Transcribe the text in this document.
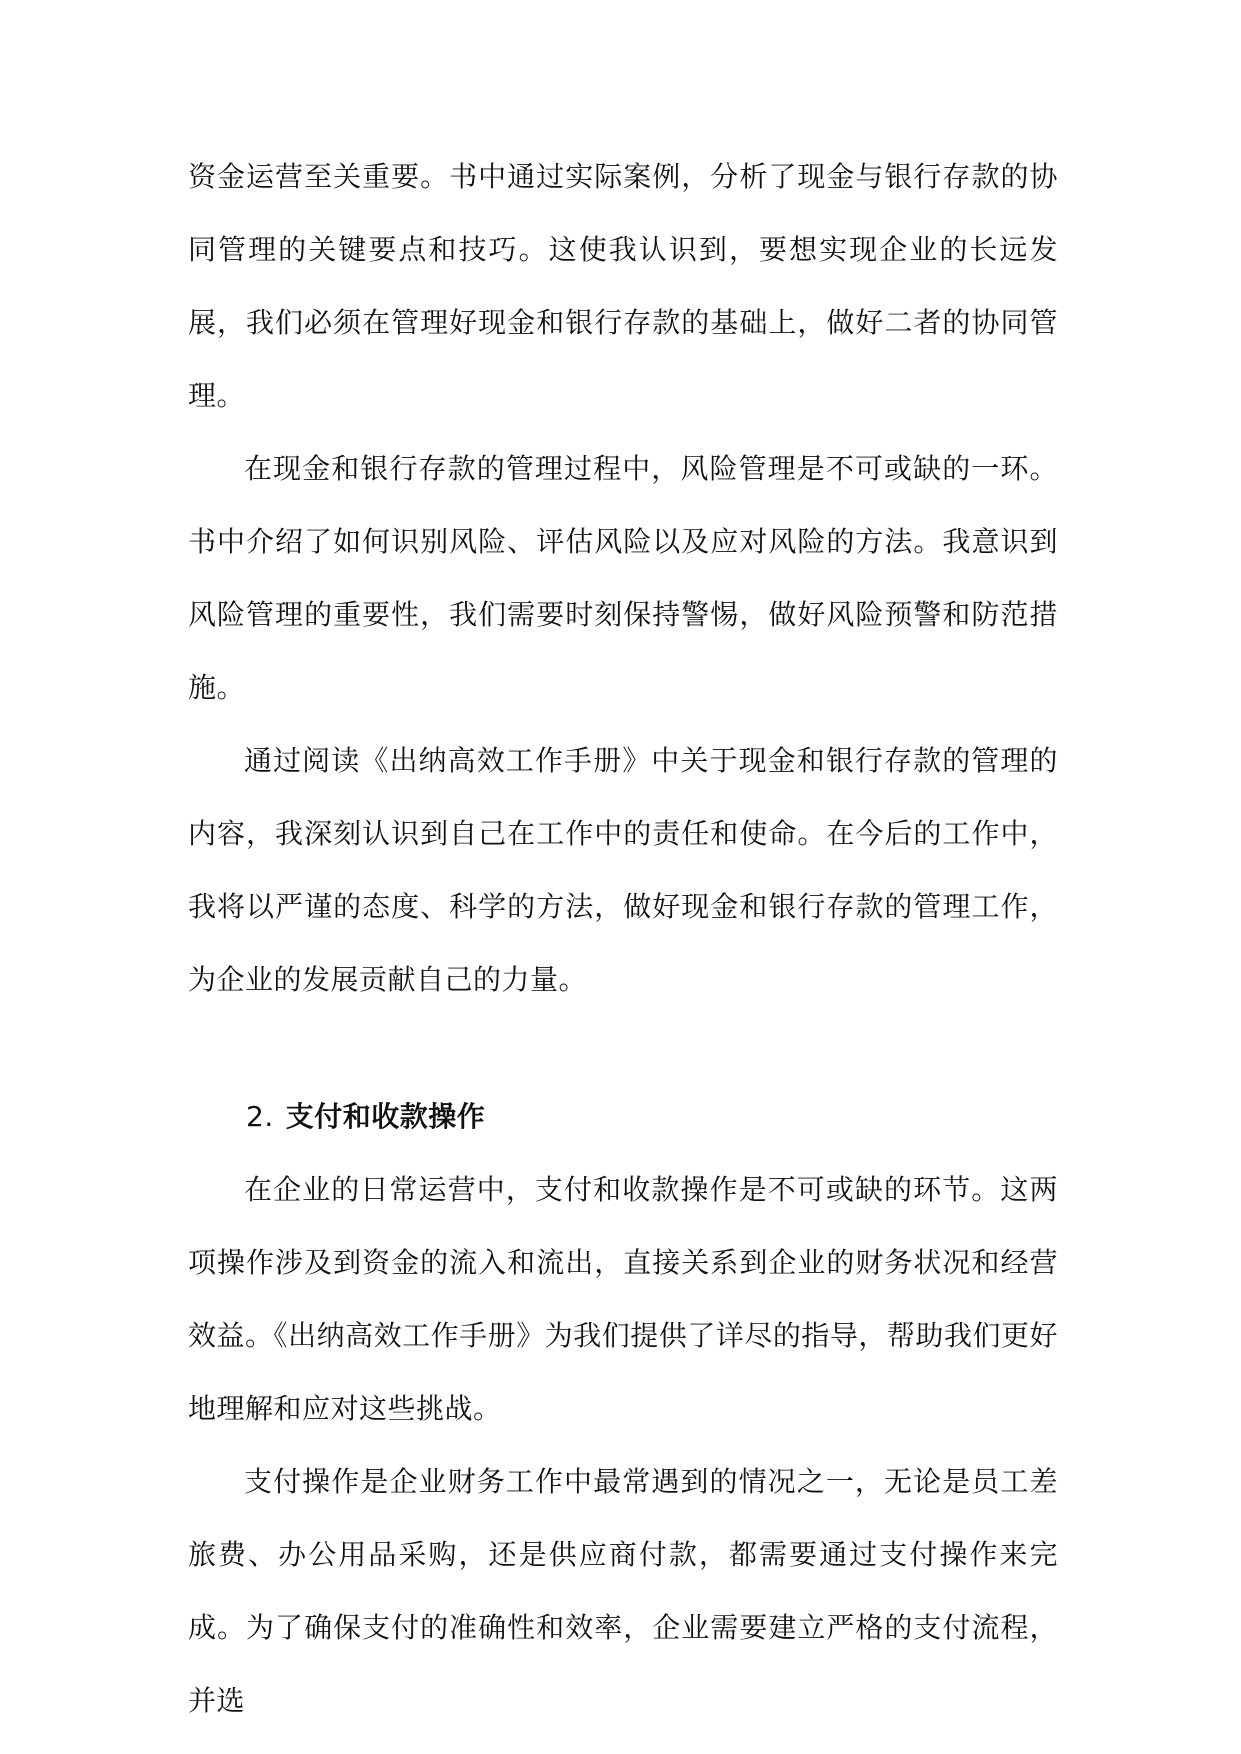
资金运营至关重要。书中通过实际案例，分析了现金与银行存款的协同管理的关键要点和技巧。这使我认识到，要想实现企业的长远发展，我们必须在管理好现金和银行存款的基础上，做好二者的协同管理。

在现金和银行存款的管理过程中，风险管理是不可或缺的一环。书中介绍了如何识别风险、评估风险以及应对风险的方法。我意识到风险管理的重要性，我们需要时刻保持警惕，做好风险预警和防范措施。

通过阅读《出纳高效工作手册》中关于现金和银行存款的管理的内容，我深刻认识到自己在工作中的责任和使命。在今后的工作中，我将以严谨的态度、科学的方法，做好现金和银行存款的管理工作，为企业的发展贡献自己的力量。

2. 支付和收款操作

在企业的日常运营中，支付和收款操作是不可或缺的环节。这两项操作涉及到资金的流入和流出，直接关系到企业的财务状况和经营效益。《出纳高效工作手册》为我们提供了详尽的指导，帮助我们更好地理解和应对这些挑战。

支付操作是企业财务工作中最常遇到的情况之一，无论是员工差旅费、办公用品采购，还是供应商付款，都需要通过支付操作来完成。为了确保支付的准确性和效率，企业需要建立严格的支付流程，并选
